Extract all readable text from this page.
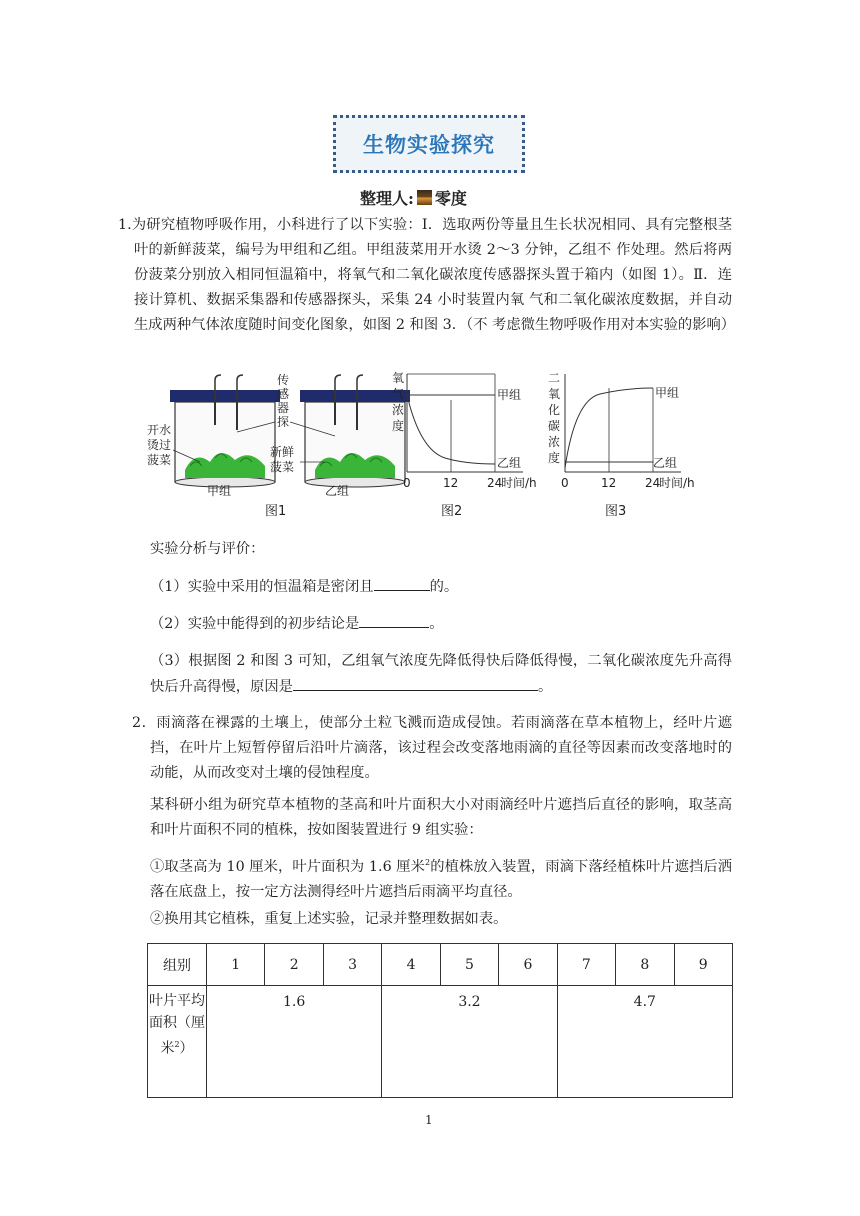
生物实验探究
整理人: 零度
1.为研究植物呼吸作用，小科进行了以下实验：Ⅰ．选取两份等量且生长状况相同、具有完整根茎叶的新鲜菠菜，编号为甲组和乙组。甲组菠菜用开水烫 2～3 分钟，乙组不 作处理。然后将两份菠菜分别放入相同恒温箱中，将氧气和二氧化碳浓度传感器探头置于箱内（如图 1）。Ⅱ．连接计算机、数据采集器和传感器探头，采集 24 小时装置内氧 气和二氧化碳浓度数据，并自动生成两种气体浓度随时间变化图象，如图 2 和图 3．（不 考虑微生物呼吸作用对本实验的影响）
传
感
器
探
开水
烫过
菠菜
新鲜
菠菜
甲组	乙组
图1
氧
气
浓
度
甲组
乙组
0	12 24
时间/h
图2
二
氧
化
碳
浓
度
甲组
乙组
0	12 24
时间/h
图3
实验分析与评价：
（1）实验中采用的恒温箱是密闭且	的。
（2）实验中能得到的初步结论是	。
（3）根据图 2 和图 3 可知，乙组氧气浓度先降低得快后降低得慢，二氧化碳浓度先升高得快后升高得慢，原因是	。
2．雨滴落在裸露的土壤上，使部分土粒飞溅而造成侵蚀。若雨滴落在草本植物上，经叶片遮挡，在叶片上短暂停留后沿叶片滴落，该过程会改变落地雨滴的直径等因素而改变落地时的动能，从而改变对土壤的侵蚀程度。
某科研小组为研究草本植物的茎高和叶片面积大小对雨滴经叶片遮挡后直径的影响，取茎高和叶片面积不同的植株，按如图装置进行 9 组实验：
①取茎高为 10 厘米，叶片面积为 1.6 厘米$^2$的植株放入装置，雨滴下落经植株叶片遮挡后洒落在底盘上，按一定方法测得经叶片遮挡后雨滴平均直径。
②换用其它植株，重复上述实验，记录并整理数据如表。
组别	1	2	3	4	5	6	7	8	9
叶片平均面积（厘米$^2$）	1.6			3.2			4.7		
1
